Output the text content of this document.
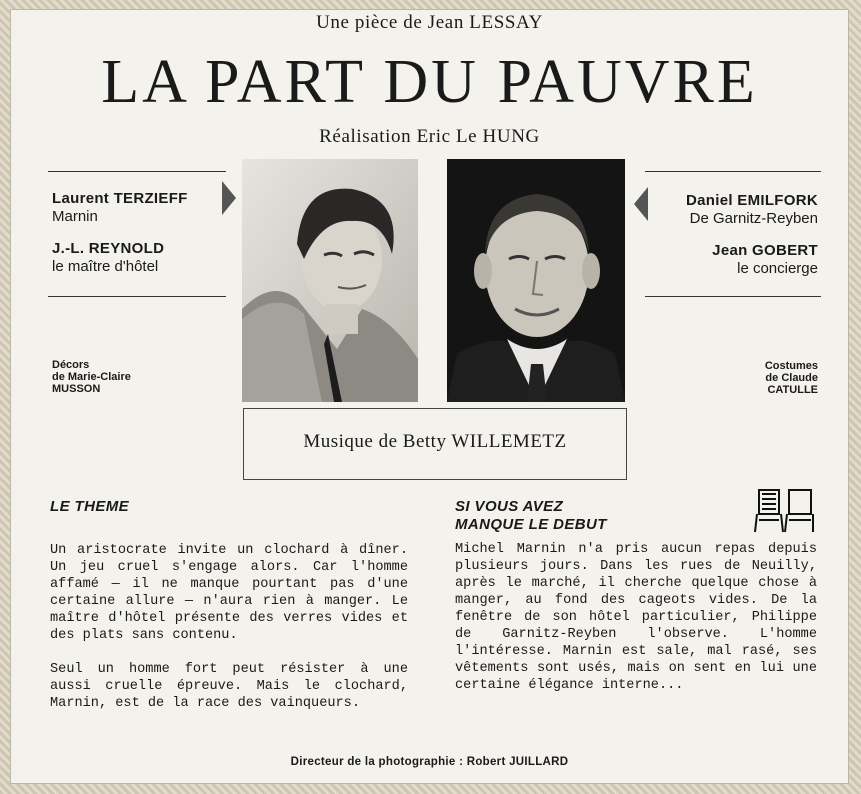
Une pièce de Jean LESSAY
LA PART DU PAUVRE
Réalisation Eric Le HUNG
Laurent TERZIEFF
Marnin
J.-L. REYNOLD
le maître d'hôtel
Daniel EMILFORK
De Garnitz-Reyben
Jean GOBERT
le concierge
Décors
de Marie-Claire
MUSSON
Costumes
de Claude
CATULLE
Musique de Betty WILLEMETZ
LE THEME

Un aristocrate invite un clochard à dîner. Un jeu cruel s'engage alors. Car l'homme affamé — il ne manque pourtant pas d'une certaine allure — n'aura rien à manger. Le maître d'hôtel présente des verres vides et des plats sans contenu.

Seul un homme fort peut résister à une aussi cruelle épreuve. Mais le clochard, Marnin, est de la race des vainqueurs.

SI VOUS AVEZ
MANQUE LE DEBUT

Michel Marnin n'a pris aucun repas depuis plusieurs jours. Dans les rues de Neuilly, après le marché, il cherche quelque chose à manger, au fond des cageots vides. De la fenêtre de son hôtel particulier, Philippe de Garnitz-Reyben l'observe. L'homme l'intéresse. Marnin est sale, mal rasé, ses vêtements sont usés, mais on sent en lui une certaine élégance interne...

Directeur de la photographie : Robert JUILLARD
